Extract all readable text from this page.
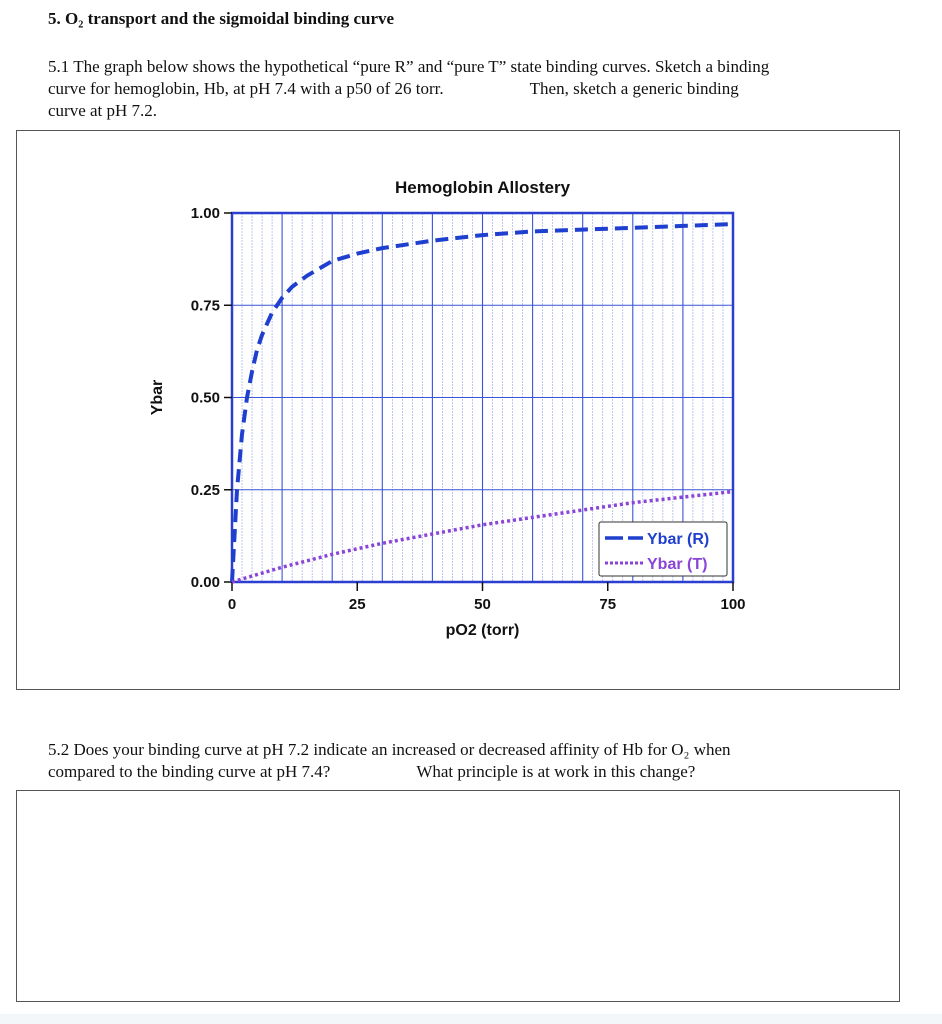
5. O₂ transport and the sigmoidal binding curve
5.1 The graph below shows the hypothetical “pure R” and “pure T” state binding curves. Sketch a binding
curve for hemoglobin, Hb, at pH 7.4 with a p50 of 26 torr.	Then, sketch a generic binding
curve at pH 7.2.
0	25	50	75	100
0.00
0.25
0.50
0.75
1.00
Hemoglobin Allostery
pO2 (torr)
Ybar
Ybar (R)
Ybar (T)
5.2 Does your binding curve at pH 7.2 indicate an increased or decreased affinity of Hb for O₂ when
compared to the binding curve at pH 7.4?	What principle is at work in this change?
